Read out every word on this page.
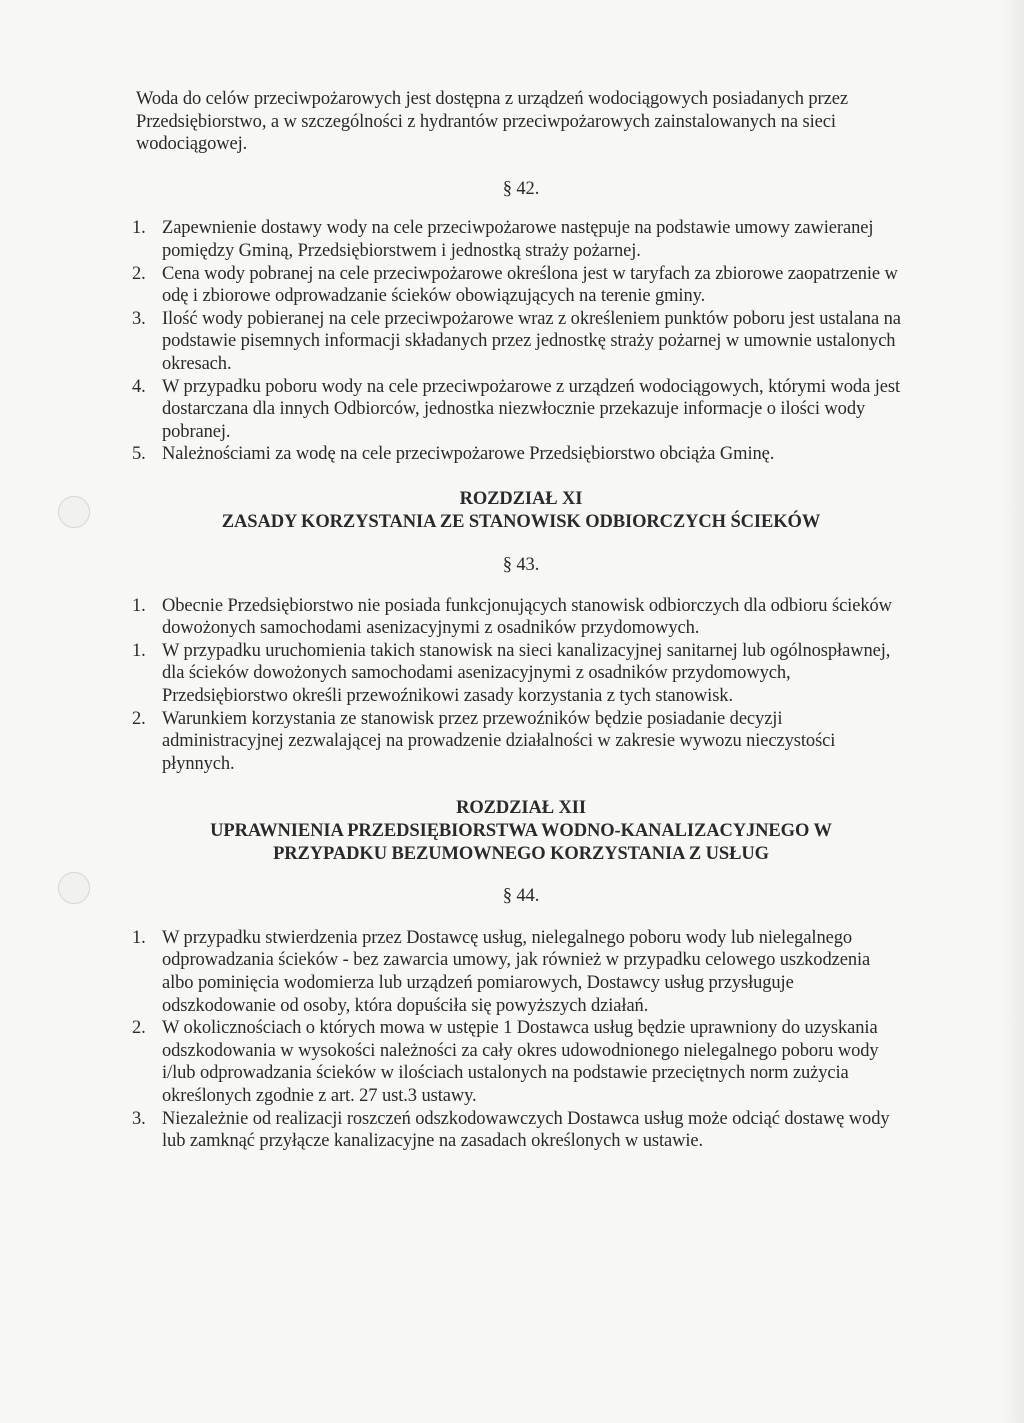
Woda do celów przeciwpożarowych jest dostępna z urządzeń wodociągowych posiadanych przez Przedsiębiorstwo, a w szczególności z hydrantów przeciwpożarowych zainstalowanych na sieci wodociągowej.

§ 42.

1. Zapewnienie dostawy wody na cele przeciwpożarowe następuje na podstawie umowy zawieranej pomiędzy Gminą, Przedsiębiorstwem i jednostką straży pożarnej.
2. Cena wody pobranej na cele przeciwpożarowe określona jest w taryfach za zbiorowe zaopatrzenie w odę i zbiorowe odprowadzanie ścieków obowiązujących na terenie gminy.
3. Ilość wody pobieranej na cele przeciwpożarowe wraz z określeniem punktów poboru jest ustalana na podstawie pisemnych informacji składanych przez jednostkę straży pożarnej w umownie ustalonych okresach.
4. W przypadku poboru wody na cele przeciwpożarowe z urządzeń wodociągowych, którymi woda jest dostarczana dla innych Odbiorców, jednostka niezwłocznie przekazuje informacje o ilości wody pobranej.
5. Należnościami za wodę na cele przeciwpożarowe Przedsiębiorstwo obciąża Gminę.

ROZDZIAŁ XI

ZASADY KORZYSTANIA ZE STANOWISK ODBIORCZYCH ŚCIEKÓW

§ 43.

1. Obecnie Przedsiębiorstwo nie posiada funkcjonujących stanowisk odbiorczych dla odbioru ścieków dowożonych samochodami asenizacyjnymi z osadników przydomowych.
1. W przypadku uruchomienia takich stanowisk na sieci kanalizacyjnej sanitarnej lub ogólnospławnej, dla ścieków dowożonych samochodami asenizacyjnymi z osadników przydomowych, Przedsiębiorstwo określi przewoźnikowi zasady korzystania z tych stanowisk.
2. Warunkiem korzystania ze stanowisk przez przewoźników będzie posiadanie decyzji administracyjnej zezwalającej na prowadzenie działalności w zakresie wywozu nieczystości płynnych.

ROZDZIAŁ XII

UPRAWNIENIA PRZEDSIĘBIORSTWA WODNO-KANALIZACYJNEGO W

PRZYPADKU BEZUMOWNEGO KORZYSTANIA Z USŁUG

§ 44.

1. W przypadku stwierdzenia przez Dostawcę usług, nielegalnego poboru wody lub nielegalnego odprowadzania ścieków - bez zawarcia umowy, jak również w przypadku celowego uszkodzenia albo pominięcia wodomierza lub urządzeń pomiarowych, Dostawcy usług przysługuje odszkodowanie od osoby, która dopuściła się powyższych działań.
2. W okolicznościach o których mowa w ustępie 1 Dostawca usług będzie uprawniony do uzyskania odszkodowania w wysokości należności za cały okres udowodnionego nielegalnego poboru wody i/lub odprowadzania ścieków w ilościach ustalonych na podstawie przeciętnych norm zużycia określonych zgodnie z art. 27 ust.3 ustawy.
3. Niezależnie od realizacji roszczeń odszkodowawczych Dostawca usług może odciąć dostawę wody lub zamknąć przyłącze kanalizacyjne na zasadach określonych w ustawie.
